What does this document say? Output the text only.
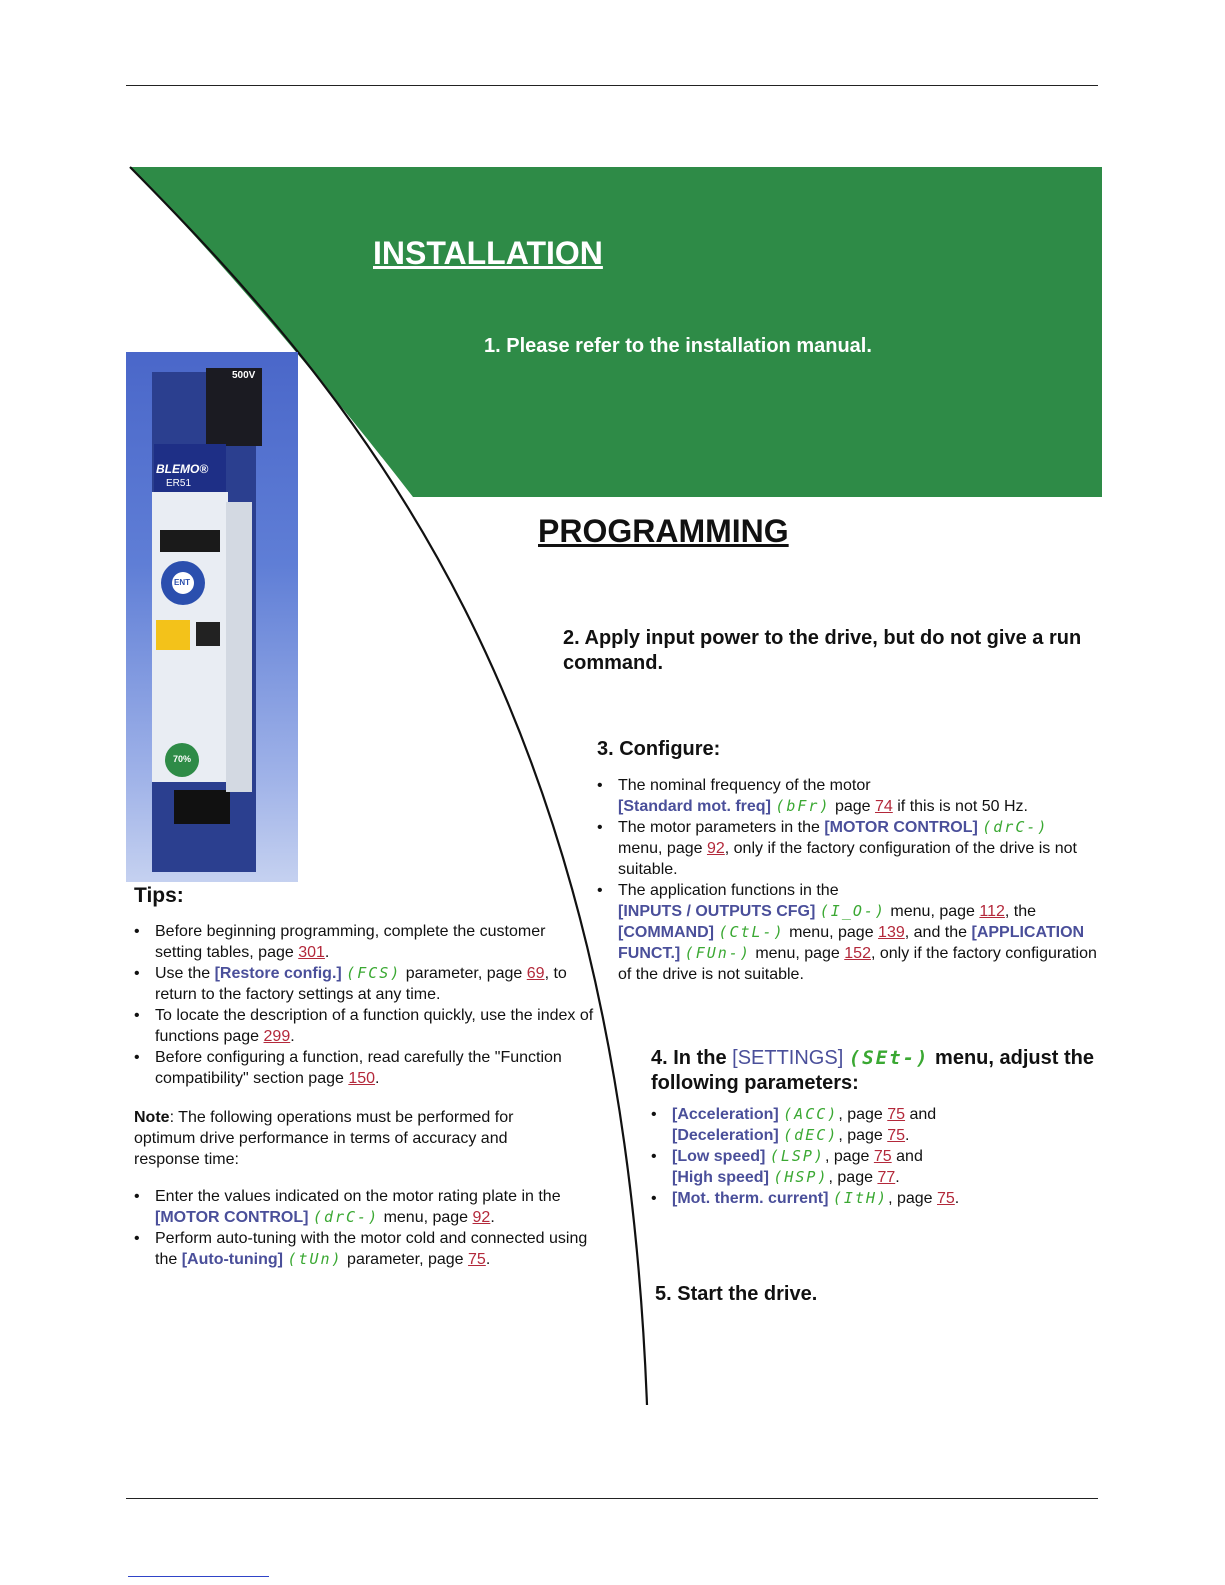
INSTALLATION
1. Please refer to the installation manual.
500V
BLEMO®
ER51
ENT
70%
PROGRAMMING
2. Apply input power to the drive, but do not give a run command.
3. Configure:
• The nominal frequency of the motor
[Standard mot. freq] (bFr) page 74 if this is not 50 Hz.
• The motor parameters in the [MOTOR CONTROL] (drC-) menu, page 92, only if the factory configuration of the drive is not suitable.
• The application functions in the
[INPUTS / OUTPUTS CFG] (I_O-) menu, page 112, the [COMMAND] (CtL-) menu, page 139, and the [APPLICATION FUNCT.] (FUn-) menu, page 152, only if the factory configuration of the drive is not suitable.
4. In the [SETTINGS] (SEt-) menu, adjust the following parameters:
• [Acceleration] (ACC), page 75 and
[Deceleration] (dEC), page 75.
• [Low speed] (LSP), page 75 and
[High speed] (HSP), page 77.
• [Mot. therm. current] (ItH), page 75.
5. Start the drive.
Tips:
• Before beginning programming, complete the customer setting tables, page 301.
• Use the [Restore config.] (FCS) parameter, page 69, to return to the factory settings at any time.
• To locate the description of a function quickly, use the index of functions page 299.
• Before configuring a function, read carefully the "Function compatibility" section page 150.
Note: The following operations must be performed for optimum drive performance in terms of accuracy and response time:
• Enter the values indicated on the motor rating plate in the [MOTOR CONTROL] (drC-) menu, page 92.
• Perform auto-tuning with the motor cold and connected using the [Auto-tuning] (tUn) parameter, page 75.
